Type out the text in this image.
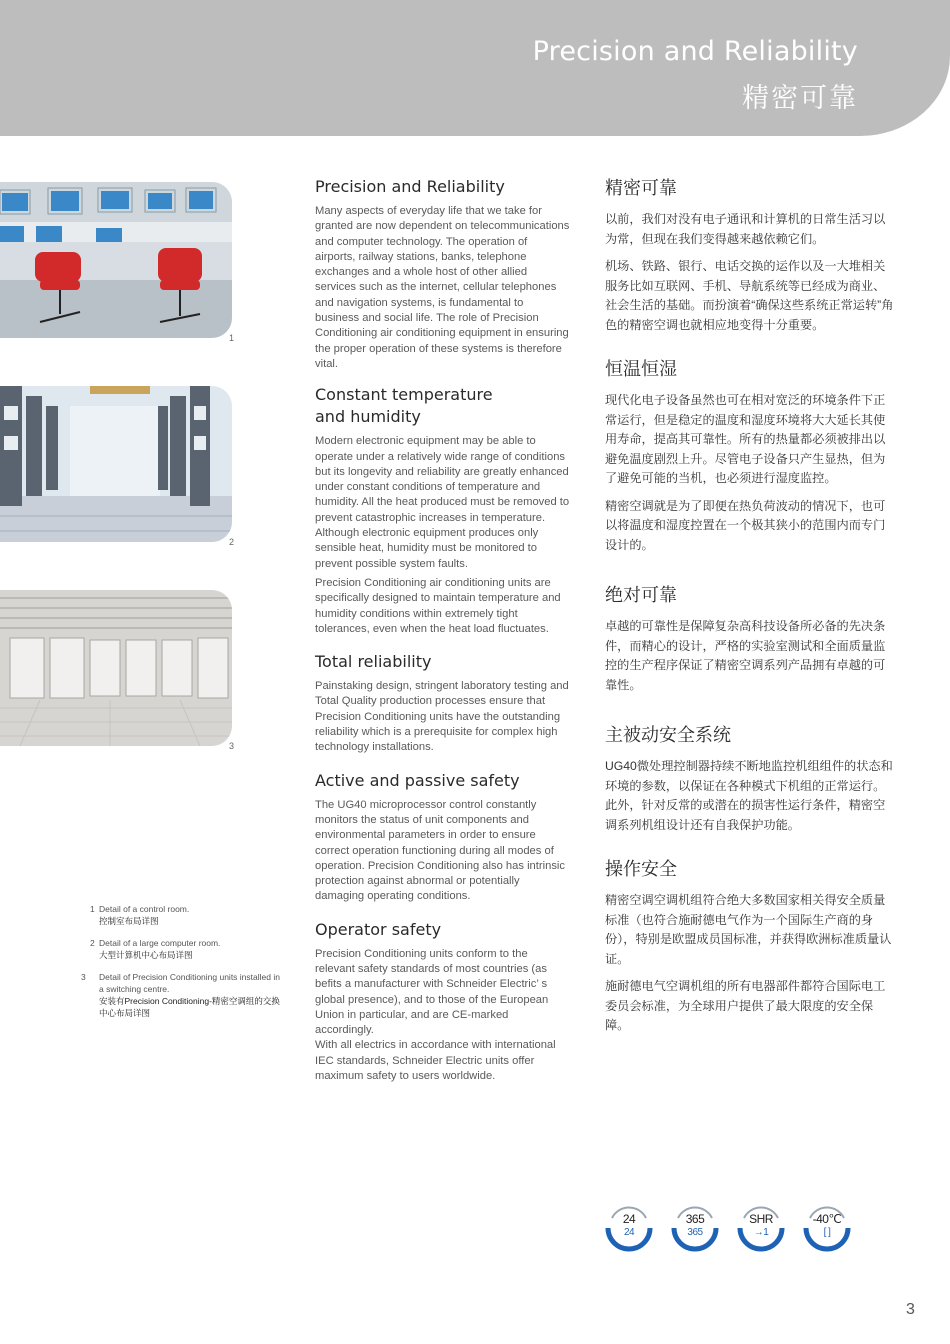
Precision and Reliability
精密可靠
1
2
3
1 Detail of a control room.
控制室布局详图
2 Detail of a large computer room.
大型计算机中心布局详图
3 Detail of Precision Conditioning units installed in a switching centre.
安装有Precision Conditioning-精密空调组的交换 中心布局详图
Precision and Reliability

Many aspects of everyday life that we take for granted are now dependent on telecommunications and computer technology. The operation of airports, railway stations, banks, telephone exchanges and a whole host of other allied services such as the internet, cellular telephones and navigation systems, is fundamental to business and social life. The role of Precision Conditioning air conditioning equipment in ensuring the proper operation of these systems is therefore vital.

Constant temperature and humidity

Modern electronic equipment may be able to operate under a relatively wide range of conditions but its longevity and reliability are greatly enhanced under constant conditions of temperature and humidity. All the heat produced must be removed to prevent catastrophic increases in temperature. Although electronic equipment produces only sensible heat, humidity must be monitored to prevent possible system faults.

Precision Conditioning air conditioning units are specifically designed to maintain temperature and humidity conditions within extremely tight tolerances, even when the heat load fluctuates.

Total reliability

Painstaking design, stringent laboratory testing and Total Quality production processes ensure that Precision Conditioning units have the outstanding reliability which is a prerequisite for complex high
technology installations.

Active and passive safety

The UG40 microprocessor control constantly monitors the status of unit components and environmental parameters in order to ensure correct operation functioning during all modes of operation. Precision Conditioning also has intrinsic protection against abnormal or potentially damaging operating conditions.

Operator safety

Precision Conditioning units conform to the relevant safety standards of most countries (as befits a manufacturer with Schneider Electric’ s global presence), and to those of the European Union in particular, and are CE-marked accordingly.

With all electrics in accordance with international IEC standards, Schneider Electric units offer maximum safety to users worldwide.

精密可靠

以前，我们对没有电子通讯和计算机的日常生活习以为常，但现在我们变得越来越依赖它们。

机场、铁路、银行、电话交换的运作以及一大堆相关服务比如互联网、手机、导航系统等已经成为商业、社会生活的基础。而扮演着“确保这些系统正常运转”角色的精密空调也就相应地变得十分重要。

恒温恒湿

现代化电子设备虽然也可在相对宽泛的环境条件下正常运行，但是稳定的温度和湿度环境将大大延长其使用寿命，提高其可靠性。所有的热量都必须被排出以避免温度剧烈上升。尽管电子设备只产生显热，但为了避免可能的当机，也必须进行湿度监控。

精密空调就是为了即便在热负荷波动的情况下，也可以将温度和湿度控置在一个极其狭小的范围内而专门设计的。

绝对可靠

卓越的可靠性是保障复杂高科技设备所必备的先决条件，而精心的设计，严格的实验室测试和全面质量监控的生产程序保证了精密空调系列产品拥有卓越的可靠性。

主被动安全系统

UG40微处理控制器持续不断地监控机组组件的状态和环境的参数，以保证在各种模式下机组的正常运行。此外，针对反常的或潜在的损害性运行条件，精密空调系列机组设计还有自我保护功能。

操作安全

精密空调空调机组符合绝大多数国家相关得安全质量标准（也符合施耐德电气作为一个国际生产商的身份），特别是欧盟成员国标准，并获得欧洲标准质量认证。

施耐德电气空调机组的所有电器部件都符合国际电工委员会标准，为全球用户提供了最大限度的安全保障。

24
24
365
365
SHR
→1
-40℃
[ ]
3
